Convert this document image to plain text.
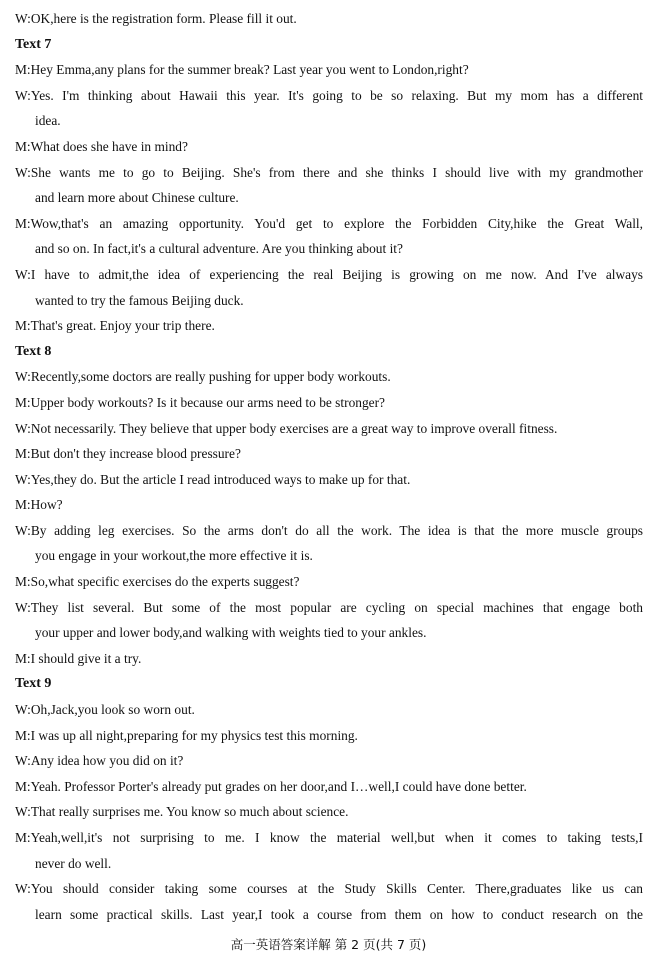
W:OK,here is the registration form. Please fill it out.
Text 7
M:Hey Emma,any plans for the summer break? Last year you went to London,right?
W:Yes. I'm thinking about Hawaii this year. It's going to be so relaxing. But my mom has a different
idea.
M:What does she have in mind?
W:She wants me to go to Beijing. She's from there and she thinks I should live with my grandmother
and learn more about Chinese culture.
M:Wow,that's an amazing opportunity. You'd get to explore the Forbidden City,hike the Great Wall,
and so on. In fact,it's a cultural adventure. Are you thinking about it?
W:I have to admit,the idea of experiencing the real Beijing is growing on me now. And I've always
wanted to try the famous Beijing duck.
M:That's great. Enjoy your trip there.
Text 8
W:Recently,some doctors are really pushing for upper body workouts.
M:Upper body workouts? Is it because our arms need to be stronger?
W:Not necessarily. They believe that upper body exercises are a great way to improve overall fitness.
M:But don't they increase blood pressure?
W:Yes,they do. But the article I read introduced ways to make up for that.
M:How?
W:By adding leg exercises. So the arms don't do all the work. The idea is that the more muscle groups
you engage in your workout,the more effective it is.
M:So,what specific exercises do the experts suggest?
W:They list several. But some of the most popular are cycling on special machines that engage both
your upper and lower body,and walking with weights tied to your ankles.
M:I should give it a try.
Text 9
W:Oh,Jack,you look so worn out.
M:I was up all night,preparing for my physics test this morning.
W:Any idea how you did on it?
M:Yeah. Professor Porter's already put grades on her door,and I…well,I could have done better.
W:That really surprises me. You know so much about science.
M:Yeah,well,it's not surprising to me. I know the material well,but when it comes to taking tests,I
never do well.
W:You should consider taking some courses at the Study Skills Center. There,graduates like us can
learn some practical skills. Last year,I took a course from them on how to conduct research on the
高一英语答案详解 第 2 页(共 7 页)
